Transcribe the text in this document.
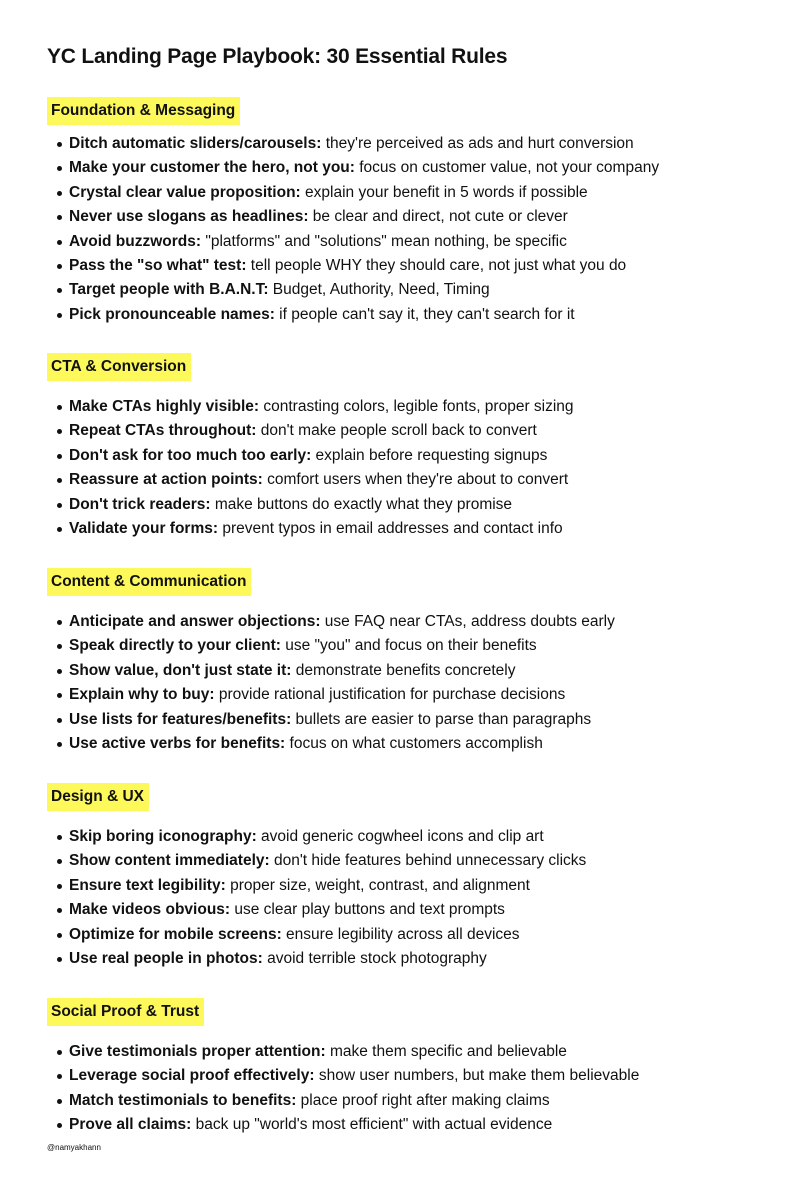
YC Landing Page Playbook: 30 Essential Rules
Foundation & Messaging
Ditch automatic sliders/carousels: they're perceived as ads and hurt conversion
Make your customer the hero, not you: focus on customer value, not your company
Crystal clear value proposition: explain your benefit in 5 words if possible
Never use slogans as headlines: be clear and direct, not cute or clever
Avoid buzzwords: "platforms" and "solutions" mean nothing, be specific
Pass the "so what" test: tell people WHY they should care, not just what you do
Target people with B.A.N.T: Budget, Authority, Need, Timing
Pick pronounceable names: if people can't say it, they can't search for it
CTA & Conversion
Make CTAs highly visible: contrasting colors, legible fonts, proper sizing
Repeat CTAs throughout: don't make people scroll back to convert
Don't ask for too much too early: explain before requesting signups
Reassure at action points: comfort users when they're about to convert
Don't trick readers: make buttons do exactly what they promise
Validate your forms: prevent typos in email addresses and contact info
Content & Communication
Anticipate and answer objections: use FAQ near CTAs, address doubts early
Speak directly to your client: use "you" and focus on their benefits
Show value, don't just state it: demonstrate benefits concretely
Explain why to buy: provide rational justification for purchase decisions
Use lists for features/benefits: bullets are easier to parse than paragraphs
Use active verbs for benefits: focus on what customers accomplish
Design & UX
Skip boring iconography: avoid generic cogwheel icons and clip art
Show content immediately: don't hide features behind unnecessary clicks
Ensure text legibility: proper size, weight, contrast, and alignment
Make videos obvious: use clear play buttons and text prompts
Optimize for mobile screens: ensure legibility across all devices
Use real people in photos: avoid terrible stock photography
Social Proof & Trust
Give testimonials proper attention: make them specific and believable
Leverage social proof effectively: show user numbers, but make them believable
Match testimonials to benefits: place proof right after making claims
Prove all claims: back up "world's most efficient" with actual evidence
@namyakhann
